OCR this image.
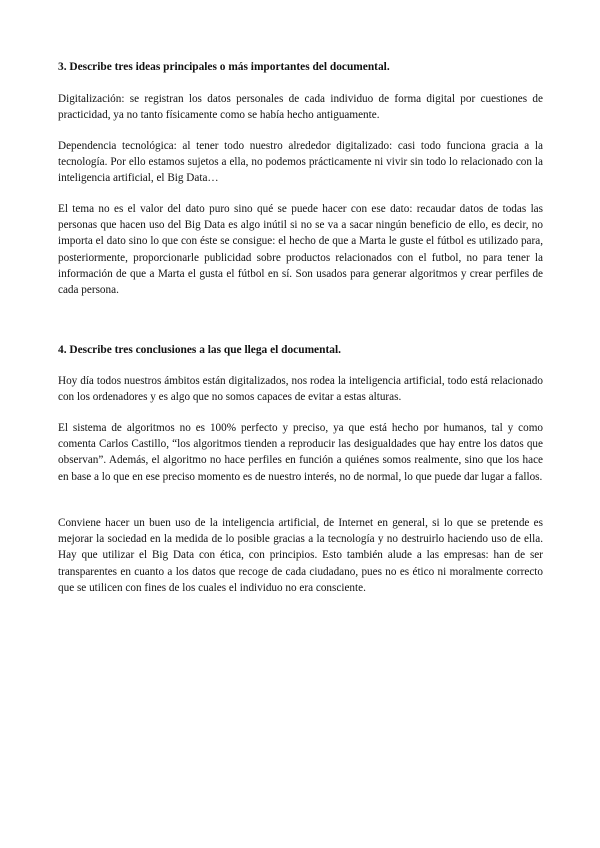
3. Describe tres ideas principales o más importantes del documental.

Digitalización: se registran los datos personales de cada individuo de forma digital por cuestiones de practicidad, ya no tanto físicamente como se había hecho antiguamente.

Dependencia tecnológica: al tener todo nuestro alrededor digitalizado: casi todo funciona gracia a la tecnología. Por ello estamos sujetos a ella, no podemos prácticamente ni vivir sin todo lo relacionado con la inteligencia artificial, el Big Data…

El tema no es el valor del dato puro sino qué se puede hacer con ese dato: recaudar datos de todas las personas que hacen uso del Big Data es algo inútil si no se va a sacar ningún beneficio de ello, es decir, no importa el dato sino lo que con éste se consigue: el hecho de que a Marta le guste el fútbol es utilizado para, posteriormente, proporcionarle publicidad sobre productos relacionados con el futbol, no para tener la información de que a Marta el gusta el fútbol en sí. Son usados para generar algoritmos y crear perfiles de cada persona.

4. Describe tres conclusiones a las que llega el documental.

Hoy día todos nuestros ámbitos están digitalizados, nos rodea la inteligencia artificial, todo está relacionado con los ordenadores y es algo que no somos capaces de evitar a estas alturas.

El sistema de algoritmos no es 100% perfecto y preciso, ya que está hecho por humanos, tal y como comenta Carlos Castillo, “los algoritmos tienden a reproducir las desigualdades que hay entre los datos que observan”. Además, el algoritmo no hace perfiles en función a quiénes somos realmente, sino que los hace en base a lo que en ese preciso momento es de nuestro interés, no de normal, lo que puede dar lugar a fallos.

Conviene hacer un buen uso de la inteligencia artificial, de Internet en general, si lo que se pretende es mejorar la sociedad en la medida de lo posible gracias a la tecnología y no destruirlo haciendo uso de ella. Hay que utilizar el Big Data con ética, con principios. Esto también alude a las empresas: han de ser transparentes en cuanto a los datos que recoge de cada ciudadano, pues no es ético ni moralmente correcto que se utilicen con fines de los cuales el individuo no era consciente.
